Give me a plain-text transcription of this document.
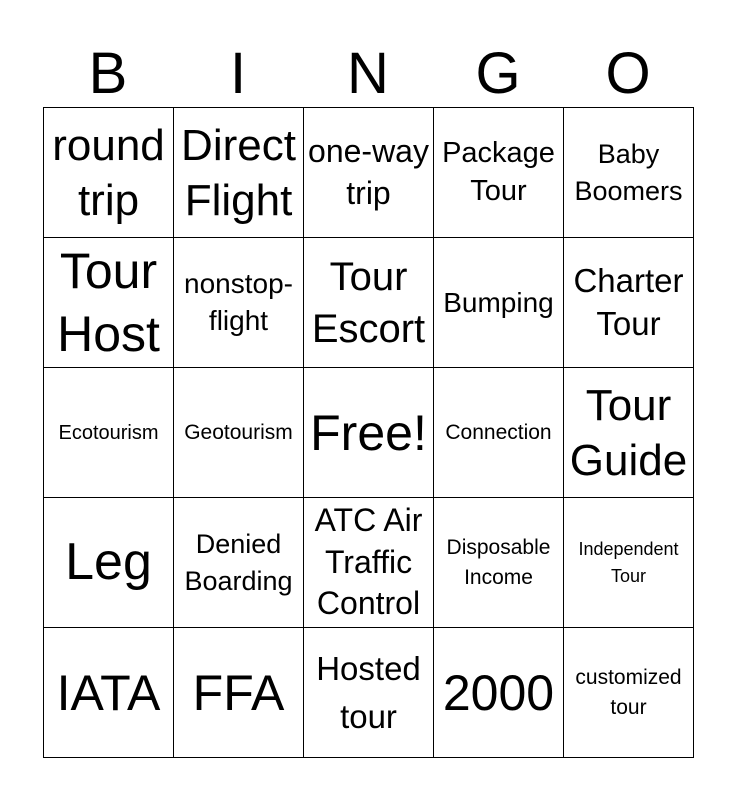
B	I	N	G	O
round trip	Direct Flight	one-way trip	Package Tour	Baby Boomers

Tour Host	nonstop-flight	Tour Escort	Bumping	Charter Tour

Ecotourism	Geotourism	Free!	Connection	Tour Guide

Leg	Denied Boarding	ATC Air Traffic Control	Disposable Income	Independent Tour

IATA	FFA	Hosted tour	2000	customized tour
